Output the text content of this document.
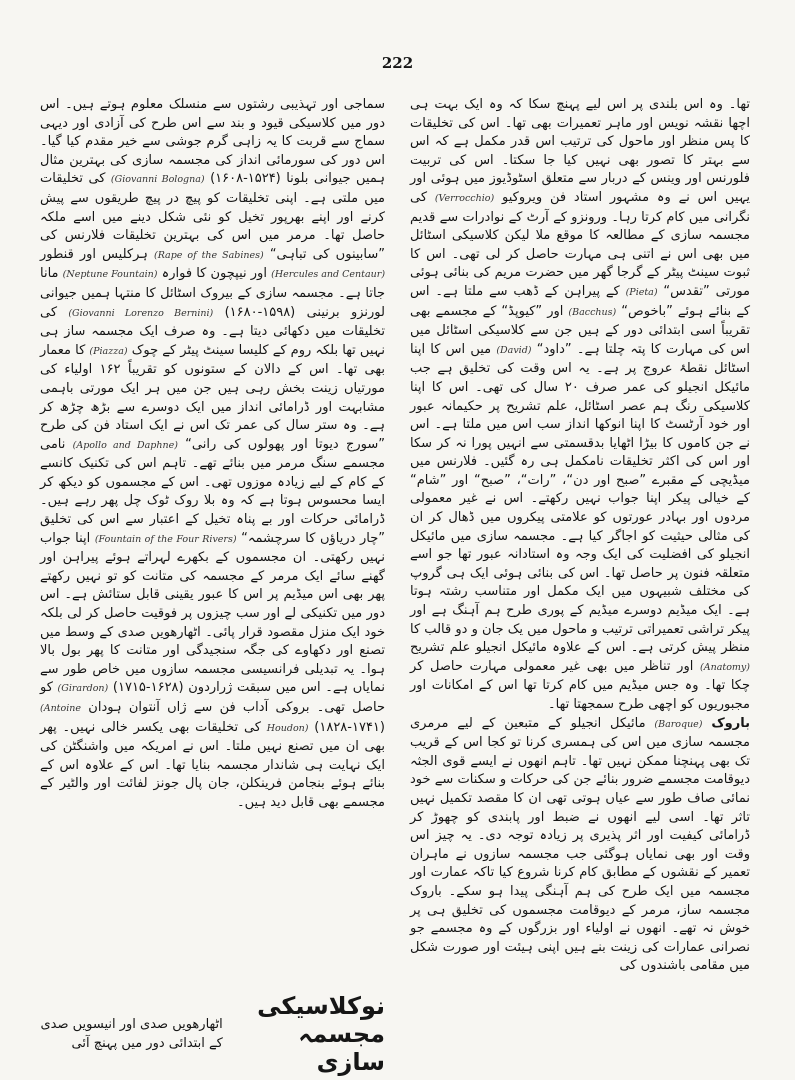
222
تھا۔ وہ اس بلندی پر اس لیے پہنچ سکا کہ وہ ایک بہت ہی اچھا نقشہ نویس اور ماہر تعمیرات بھی تھا۔ اس کی تخلیقات کا پس منظر اور ماحول کی ترتیب اس قدر مکمل ہے کہ اس سے بہتر کا تصور بھی نہیں کیا جا سکتا۔ اس کی تربیت فلورنس اور وینس کے دربار سے متعلق اسٹوڈیوز میں ہوئی اور یہیں اس نے وہ مشہور استاد فن ویروکیو (Verrocchio) کی نگرانی میں کام کرتا رہا۔ ورونزو کے آرٹ کے نوادرات سے قدیم مجسمہ سازی کے مطالعہ کا موقع ملا لیکن کلاسیکی اسٹائل میں بھی اس نے اتنی ہی مہارت حاصل کر لی تھی۔ اس کا ثبوت سینٹ پیٹر کے گرجا گھر میں حضرت مریم کی بنائی ہوئی مورتی ”تقدس“ (Pieta) کے پیراہن کے ڈھب سے ملتا ہے۔ اس کے بنائے ہوئے ”باخوص“ (Bacchus) اور ”کیوپڈ“ کے مجسمے بھی تقریباً اسی ابتدائی دور کے ہیں جن سے کلاسیکی اسٹائل میں اس کی مہارت کا پتہ چلتا ہے۔ ”داود“ (David) میں اس کا اپنا اسٹائل نقطۂ عروج پر ہے۔ یہ اس وقت کی تخلیق ہے جب مائیکل انجیلو کی عمر صرف ۲۰ سال کی تھی۔ اس کا اپنا کلاسیکی رنگ ہم عصر اسٹائل، علم تشریح پر حکیمانہ عبور اور خود آرٹسٹ کا اپنا انوکھا انداز سب اس میں ملتا ہے۔ اس نے جن کاموں کا بیڑا اٹھایا بدقسمتی سے انہیں پورا نہ کر سکا اور اس کی اکثر تخلیقات نامکمل ہی رہ گئیں۔ فلارنس میں میڈیچی کے مقبرے ”صبح اور دن“، ”رات“، ”صبح“ اور ”شام“ کے خیالی پیکر اپنا جواب نہیں رکھتے۔ اس نے غیر معمولی مردوں اور بہادر عورتوں کو علامتی پیکروں میں ڈھال کر ان کی مثالی حیثیت کو اجاگر کیا ہے۔ مجسمہ سازی میں مائیکل انجیلو کی افضلیت کی ایک وجہ وہ استادانہ عبور تھا جو اسے متعلقہ فنون پر حاصل تھا۔ اس کی بنائی ہوئی ایک ہی گروپ کی مختلف شبیہوں میں ایک مکمل اور متناسب رشتہ ہوتا ہے۔ ایک میڈیم دوسرے میڈیم کے پوری طرح ہم آہنگ ہے اور پیکر تراشی تعمیراتی ترتیب و ماحول میں یک جان و دو قالب کا منظر پیش کرتی ہے۔ اس کے علاوہ مائیکل انجیلو علم تشریح (Anatomy) اور تناظر میں بھی غیر معمولی مہارت حاصل کر چکا تھا۔ وہ جس میڈیم میں کام کرتا تھا اس کے امکانات اور مجبوریوں کو اچھی طرح سمجھتا تھا۔
باروک (Baroque) مائیکل انجیلو کے متبعین کے لیے مرمری مجسمہ سازی میں اس کی ہمسری کرنا تو کجا اس کے قریب تک بھی پہنچنا ممکن نہیں تھا۔ تاہم انھوں نے ایسے قوی الجثہ دیوقامت مجسمے ضرور بنائے جن کی حرکات و سکنات سے خود نمائی صاف طور سے عیاں ہوتی تھی ان کا مقصد تکمیل نہیں تاثر تھا۔ اسی لیے انھوں نے ضبط اور پابندی کو چھوڑ کر ڈرامائی کیفیت اور اثر پذیری پر زیادہ توجہ دی۔ یہ چیز اس وقت اور بھی نمایاں ہوگئی جب مجسمہ سازوں نے ماہران تعمیر کے نقشوں کے مطابق کام کرنا شروع کیا تاکہ عمارت اور مجسمہ میں ایک طرح کی ہم آہنگی پیدا ہو سکے۔ باروک مجسمہ ساز، مرمر کے دیوقامت مجسموں کی تخلیق ہی پر خوش نہ تھے۔ انھوں نے اولیاء اور بزرگوں کے وہ مجسمے جو نصرانی عمارات کی زینت بنے ہیں اپنی ہیئت اور صورت شکل میں مقامی باشندوں کی
سماجی اور تہذیبی رشتوں سے منسلک معلوم ہوتے ہیں۔ اس دور میں کلاسیکی قیود و بند سے اس طرح کی آزادی اور دیہی سماج سے قربت کا یہ زاہی گرم جوشی سے خیر مقدم کیا گیا۔ اس دور کی سورمائی انداز کی مجسمہ سازی کی بہترین مثال ہمیں جیوانی بلونا (Giovanni Bologna) (۱۶۰۸-۱۵۲۴) کی تخلیقات میں ملتی ہے۔ اپنی تخلیقات کو پیچ در پیچ طریقوں سے پیش کرنے اور اپنے بھرپور تخیل کو نئی شکل دینے میں اسے ملکہ حاصل تھا۔ مرمر میں اس کی بہترین تخلیقات فلارنس کی ”سابینوں کی تباہی“ (Rape of the Sabines) ہرکلیس اور قنطور (Hercules and Centaur) اور نیپچون کا فوارہ (Neptune Fountain) مانا جاتا ہے۔ مجسمہ سازی کے بیروک اسٹائل کا منتہا ہمیں جیوانی لورنزو برنینی (Giovanni Lorenzo Bernini) (۱۶۸۰-۱۵۹۸) کی تخلیقات میں دکھائی دیتا ہے۔ وہ صرف ایک مجسمہ ساز ہی نہیں تھا بلکہ روم کے کلیسا سینٹ پیٹر کے چوک (Piazza) کا معمار بھی تھا۔ اس کے دالان کے ستونوں کو تقریباً ۱۶۲ اولیاء کی مورتیاں زینت بخش رہی ہیں جن میں ہر ایک مورتی باہمی مشابہت اور ڈرامائی انداز میں ایک دوسرے سے بڑھ چڑھ کر ہے۔ وہ ستر سال کی عمر تک اس نے ایک استاد فن کی طرح ”سورج دیوتا اور پھولوں کی رانی“ (Apollo and Daphne) نامی مجسمے سنگ مرمر میں بنائے تھے۔ تاہم اس کی تکنیک کانسے کے کام کے لیے زیادہ موزوں تھی۔ اس کے مجسموں کو دیکھ کر ایسا محسوس ہوتا ہے کہ وہ بلا روک ٹوک چل پھر رہے ہیں۔ ڈرامائی حرکات اور بے پناہ تخیل کے اعتبار سے اس کی تخلیق ”چار دریاؤں کا سرچشمہ“ (Fountain of the Four Rivers) اپنا جواب نہیں رکھتی۔ ان مجسموں کے بکھرے لہراتے ہوئے پیراہن اور گھنے سائے ایک مرمر کے مجسمہ کی متانت کو تو نہیں رکھتے پھر بھی اس میڈیم پر اس کا عبور یقینی قابل ستائش ہے۔ اس دور میں تکنیکی لے اور سب چیزوں پر فوقیت حاصل کر لی بلکہ خود ایک منزل مقصود قرار پائی۔ اٹھارھویں صدی کے وسط میں تصنع اور دکھاوے کی جگہ سنجیدگی اور متانت کا پھر بول بالا ہوا۔ یہ تبدیلی فرانسیسی مجسمہ سازوں میں خاص طور سے نمایاں ہے۔ اس میں سبقت ژراردون (Girardon) (۱۷۱۵-۱۶۲۸) کو حاصل تھی۔ بروکی آداب فن سے ژاں آنتوان ہودان (Antoine Houdon) (۱۸۲۸-۱۷۴۱) کی تخلیقات بھی یکسر خالی نہیں۔ پھر بھی ان میں تصنع نہیں ملتا۔ اس نے امریکہ میں واشنگٹن کی ایک نہایت ہی شاندار مجسمہ بنایا تھا۔ اس کے علاوہ اس کے بنائے ہوئے بنجامن فرینکلن، جان پال جونز لفائت اور والٹیر کے مجسمے بھی قابل دید ہیں۔
نوکلاسیکی مجسمہ سازی
اٹھارھویں صدی اور انیسویں صدی کے ابتدائی دور میں پہنچ آئی
